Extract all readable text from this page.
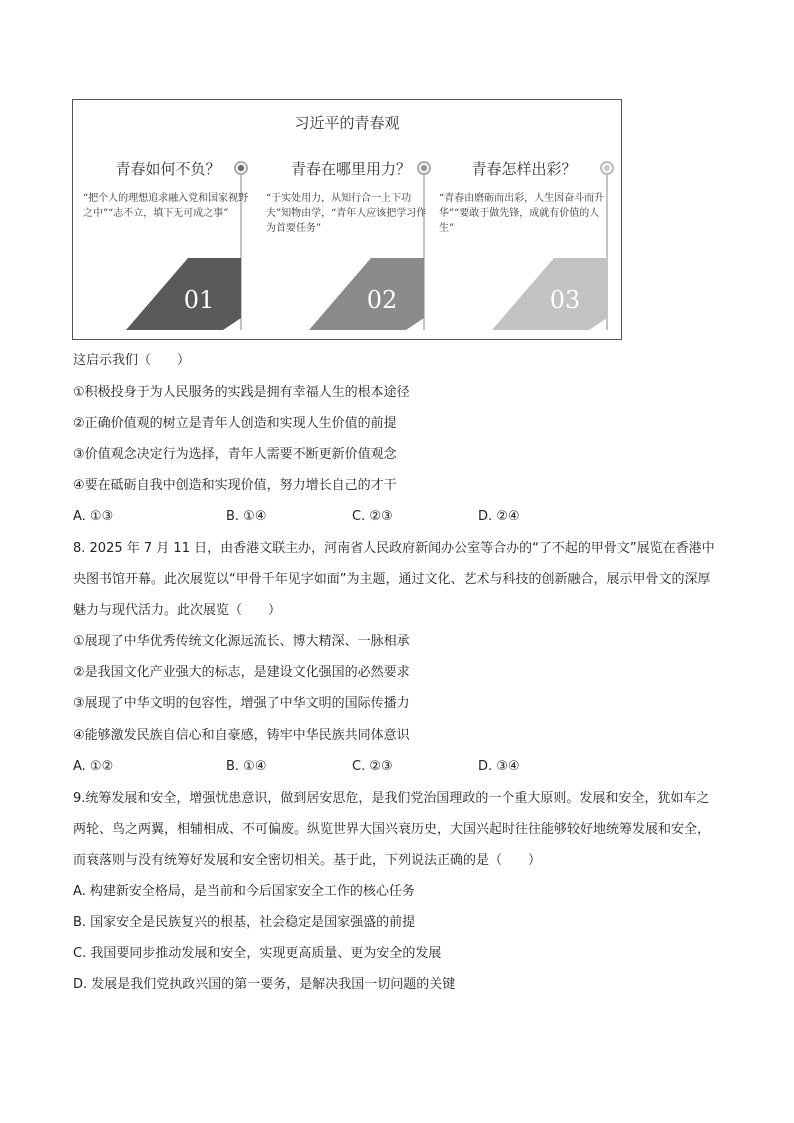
习近平的青春观
01	02	03
青春如何不负？
“把个人的理想追求融入党和国家视野之中”“志不立，填下无可成之事”
青春在哪里用力？
“于实处用力，从知行合一上下功夫”知物由学，“青年人应该把学习作为首要任务”
青春怎样出彩？
“青春由磨砺而出彩，人生因奋斗而升华”“要敢于做先锋，成就有价值的人生”
这启示我们（　　）
①积极投身于为人民服务的实践是拥有幸福人生的根本途径
②正确价值观的树立是青年人创造和实现人生价值的前提
③价值观念决定行为选择，青年人需要不断更新价值观念
④要在砥砺自我中创造和实现价值，努力增长自己的才干
A. ①③	B. ①④	C. ②③	D. ②④
8. 2025 年 7 月 11 日，由香港文联主办，河南省人民政府新闻办公室等合办的“了不起的甲骨文”展览在香港中央图书馆开幕。此次展览以“甲骨千年见字如面”为主题，通过文化、艺术与科技的创新融合，展示甲骨文的深厚魅力与现代活力。此次展览（　　）
①展现了中华优秀传统文化源远流长、博大精深、一脉相承
②是我国文化产业强大的标志，是建设文化强国的必然要求
③展现了中华文明的包容性，增强了中华文明的国际传播力
④能够激发民族自信心和自豪感，铸牢中华民族共同体意识
A. ①②	B. ①④	C. ②③	D. ③④
9.统筹发展和安全，增强忧患意识，做到居安思危，是我们党治国理政的一个重大原则。发展和安全，犹如车之两轮、鸟之两翼，相辅相成、不可偏废。纵览世界大国兴衰历史，大国兴起时往往能够较好地统筹发展和安全，而衰落则与没有统筹好发展和安全密切相关。基于此，下列说法正确的是（　　）
A. 构建新安全格局，是当前和今后国家安全工作的核心任务
B. 国家安全是民族复兴的根基，社会稳定是国家强盛的前提
C. 我国要同步推动发展和安全，实现更高质量、更为安全的发展
D. 发展是我们党执政兴国的第一要务，是解决我国一切问题的关键
